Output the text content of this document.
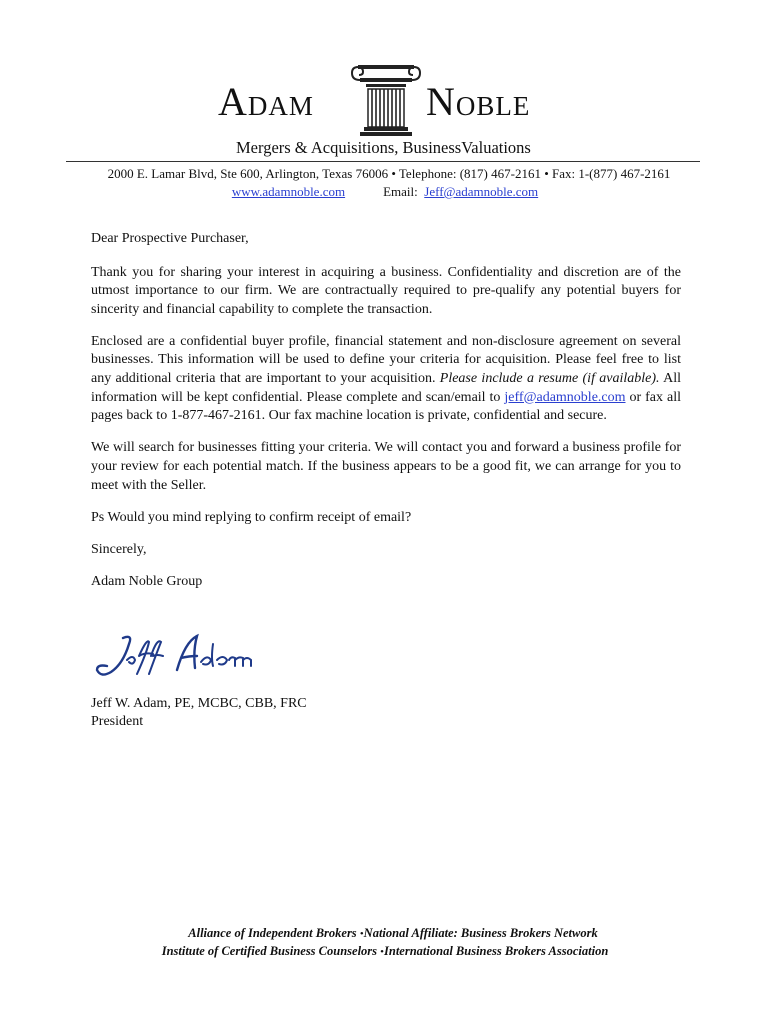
ADAM	NOBLE
Mergers & Acquisitions, BusinessValuations
2000 E. Lamar Blvd, Ste 600, Arlington, Texas 76006 • Telephone: (817) 467-2161 • Fax: 1-(877) 467-2161
www.adamnoble.com	Email: Jeff@adamnoble.com

Dear Prospective Purchaser,

Thank you for sharing your interest in acquiring a business. Confidentiality and discretion are of the utmost importance to our firm. We are contractually required to pre-qualify any potential buyers for sincerity and financial capability to complete the transaction.

Enclosed are a confidential buyer profile, financial statement and non-disclosure agreement on several businesses. This information will be used to define your criteria for acquisition. Please feel free to list any additional criteria that are important to your acquisition. Please include a resume (if available). All information will be kept confidential. Please complete and scan/email to jeff@adamnoble.com or fax all pages back to 1-877-467-2161. Our fax machine location is private, confidential and secure.

We will search for businesses fitting your criteria. We will contact you and forward a business profile for your review for each potential match. If the business appears to be a good fit, we can arrange for you to meet with the Seller.

Ps Would you mind replying to confirm receipt of email?

Sincerely,

Adam Noble Group

Jeff W. Adam, PE, MCBC, CBB, FRC
President
Alliance of Independent Brokers •National Affiliate: Business Brokers Network
Institute of Certified Business Counselors •International Business Brokers Association
